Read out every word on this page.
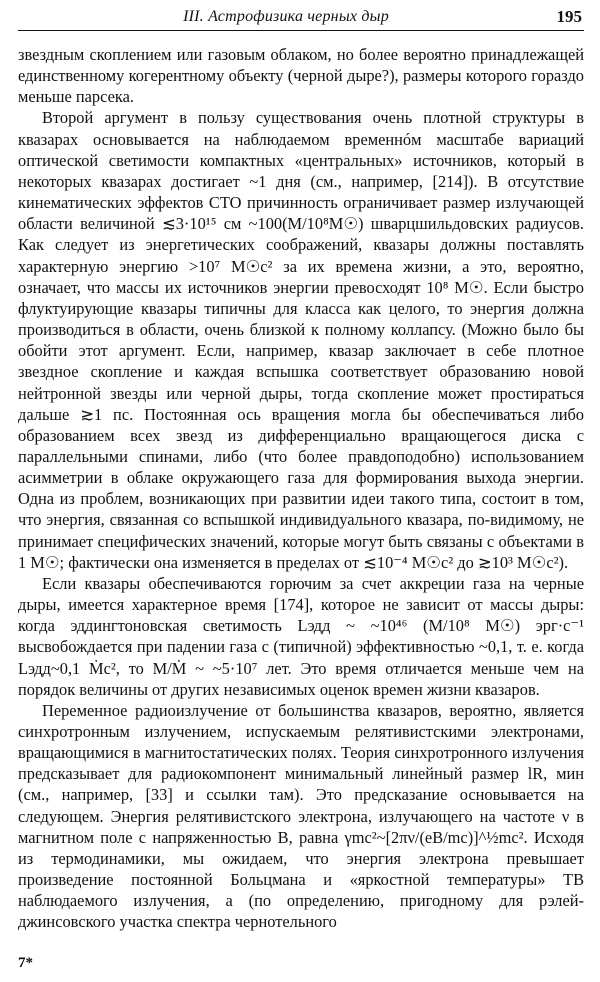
III. Астрофизика черных дыр	195

звездным скоплением или газовым облаком, но более вероятно принадлежащей единственному когерентному объекту (черной дыре?), размеры которого гораздо меньше парсека.

Второй аргумент в пользу существования очень плотной структуры в квазарах основывается на наблюдаемом временнóм масштабе вариаций оптической светимости компактных «центральных» источников, который в некоторых квазарах достигает ~1 дня (см., например, [214]). В отсутствие кинематических эффектов СТО причинность ограничивает размер излучающей области величиной ≲3·10¹⁵ см ~100(M/10⁸M☉) шварцшильдовских радиусов. Как следует из энергетических соображений, квазары должны поставлять характерную энергию >10⁷ M☉c² за их времена жизни, а это, вероятно, означает, что массы их источников энергии превосходят 10⁸ M☉. Если быстро флуктуирующие квазары типичны для класса как целого, то энергия должна производиться в области, очень близкой к полному коллапсу. (Можно было бы обойти этот аргумент. Если, например, квазар заключает в себе плотное звездное скопление и каждая вспышка соответствует образованию новой нейтронной звезды или черной дыры, тогда скопление может простираться дальше ≳1 пс. Постоянная ось вращения могла бы обеспечиваться либо образованием всех звезд из дифференциально вращающегося диска с параллельными спинами, либо (что более правдоподобно) использованием асимметрии в облаке окружающего газа для формирования выхода энергии. Одна из проблем, возникающих при развитии идеи такого типа, состоит в том, что энергия, связанная со вспышкой индивидуального квазара, по-видимому, не принимает специфических значений, которые могут быть связаны с объектами в 1 M☉; фактически она изменяется в пределах от ≲10⁻⁴ M☉c² до ≳10³ M☉c²).

Если квазары обеспечиваются горючим за счет аккреции газа на черные дыры, имеется характерное время [174], которое не зависит от массы дыры: когда эддингтоновская светимость Lэдд ~ ~10⁴⁶ (M/10⁸ M☉) эрг·с⁻¹ высвобождается при падении газа с (типичной) эффективностью ~0,1, т. е. когда Lэдд~0,1 Ṁc², то M/Ṁ ~ ~5·10⁷ лет. Это время отличается меньше чем на порядок величины от других независимых оценок времен жизни квазаров.

Переменное радиоизлучение от большинства квазаров, вероятно, является синхротронным излучением, испускаемым релятивистскими электронами, вращающимися в магнитостатических полях. Теория синхротронного излучения предсказывает для радиокомпонент минимальный линейный размер lR, мин (см., например, [33] и ссылки там). Это предсказание основывается на следующем. Энергия релятивистского электрона, излучающего на частоте ν в магнитном поле с напряженностью B, равна γmc²~[2πν/(eB/mc)]^½mc². Исходя из термодинамики, мы ожидаем, что энергия электрона превышает произведение постоянной Больцмана и «яркостной температуры» TB наблюдаемого излучения, а (по определению, пригодному для рэлей-джинсовского участка спектра чернотельного

7*
